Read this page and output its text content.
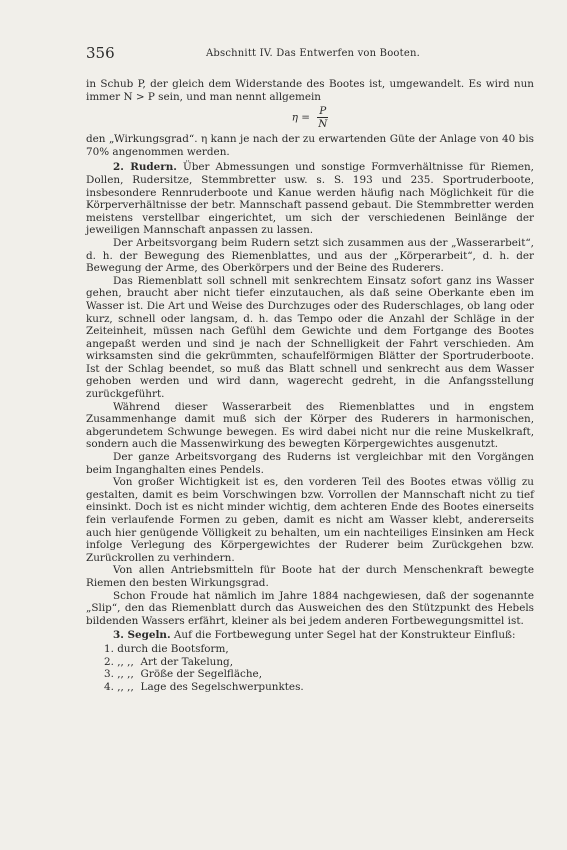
356	Abschnitt IV. Das Entwerfen von Booten.

in Schub P, der gleich dem Widerstande des Bootes ist, umgewandelt. Es wird nun immer N > P sein, und man nennt allgemein

$\eta = \frac{P}{N}$

den „Wirkungsgrad“. η kann je nach der zu erwartenden Güte der Anlage von 40 bis 70% angenommen werden.

2. Rudern. Über Abmessungen und sonstige Formverhältnisse für Riemen, Dollen, Rudersitze, Stemmbretter usw. s. S. 193 und 235. Sportruderboote, insbesondere Rennruderboote und Kanue werden häufig nach Möglichkeit für die Körperverhältnisse der betr. Mannschaft passend gebaut. Die Stemmbretter werden meistens verstellbar eingerichtet, um sich der verschiedenen Beinlänge der jeweiligen Mannschaft anpassen zu lassen.

Der Arbeitsvorgang beim Rudern setzt sich zusammen aus der „Wasserarbeit“, d. h. der Bewegung des Riemenblattes, und aus der „Körperarbeit“, d. h. der Bewegung der Arme, des Oberkörpers und der Beine des Ruderers.

Das Riemenblatt soll schnell mit senkrechtem Einsatz sofort ganz ins Wasser gehen, braucht aber nicht tiefer einzutauchen, als daß seine Oberkante eben im Wasser ist. Die Art und Weise des Durchzuges oder des Ruderschlages, ob lang oder kurz, schnell oder langsam, d. h. das Tempo oder die Anzahl der Schläge in der Zeiteinheit, müssen nach Gefühl dem Gewichte und dem Fortgange des Bootes angepaßt werden und sind je nach der Schnelligkeit der Fahrt verschieden. Am wirksamsten sind die gekrümmten, schaufelförmigen Blätter der Sportruderboote. Ist der Schlag beendet, so muß das Blatt schnell und senkrecht aus dem Wasser gehoben werden und wird dann, wagerecht gedreht, in die Anfangsstellung zurückgeführt.

Während dieser Wasserarbeit des Riemenblattes und in engstem Zusammenhange damit muß sich der Körper des Ruderers in harmonischen, abgerundetem Schwunge bewegen. Es wird dabei nicht nur die reine Muskelkraft, sondern auch die Massenwirkung des bewegten Körpergewichtes ausgenutzt.

Der ganze Arbeitsvorgang des Ruderns ist vergleichbar mit den Vorgängen beim Inganghalten eines Pendels.

Von großer Wichtigkeit ist es, den vorderen Teil des Bootes etwas völlig zu gestalten, damit es beim Vorschwingen bzw. Vorrollen der Mannschaft nicht zu tief einsinkt. Doch ist es nicht minder wichtig, dem achteren Ende des Bootes einerseits fein verlaufende Formen zu geben, damit es nicht am Wasser klebt, andererseits auch hier genügende Völligkeit zu behalten, um ein nachteiliges Einsinken am Heck infolge Verlegung des Körpergewichtes der Ruderer beim Zurückgehen bzw. Zurückrollen zu verhindern.

Von allen Antriebsmitteln für Boote hat der durch Menschenkraft bewegte Riemen den besten Wirkungsgrad.

Schon Froude hat nämlich im Jahre 1884 nachgewiesen, daß der sogenannte „Slip“, den das Riemenblatt durch das Ausweichen des den Stützpunkt des Hebels bildenden Wassers erfährt, kleiner als bei jedem anderen Fortbewegungsmittel ist.

3. Segeln. Auf die Fortbewegung unter Segel hat der Konstrukteur Einfluß:

1. durch die Bootsform,
2. ,, ,, Art der Takelung,
3. ,, ,, Größe der Segelfläche,
4. ,, ,, Lage des Segelschwerpunktes.
